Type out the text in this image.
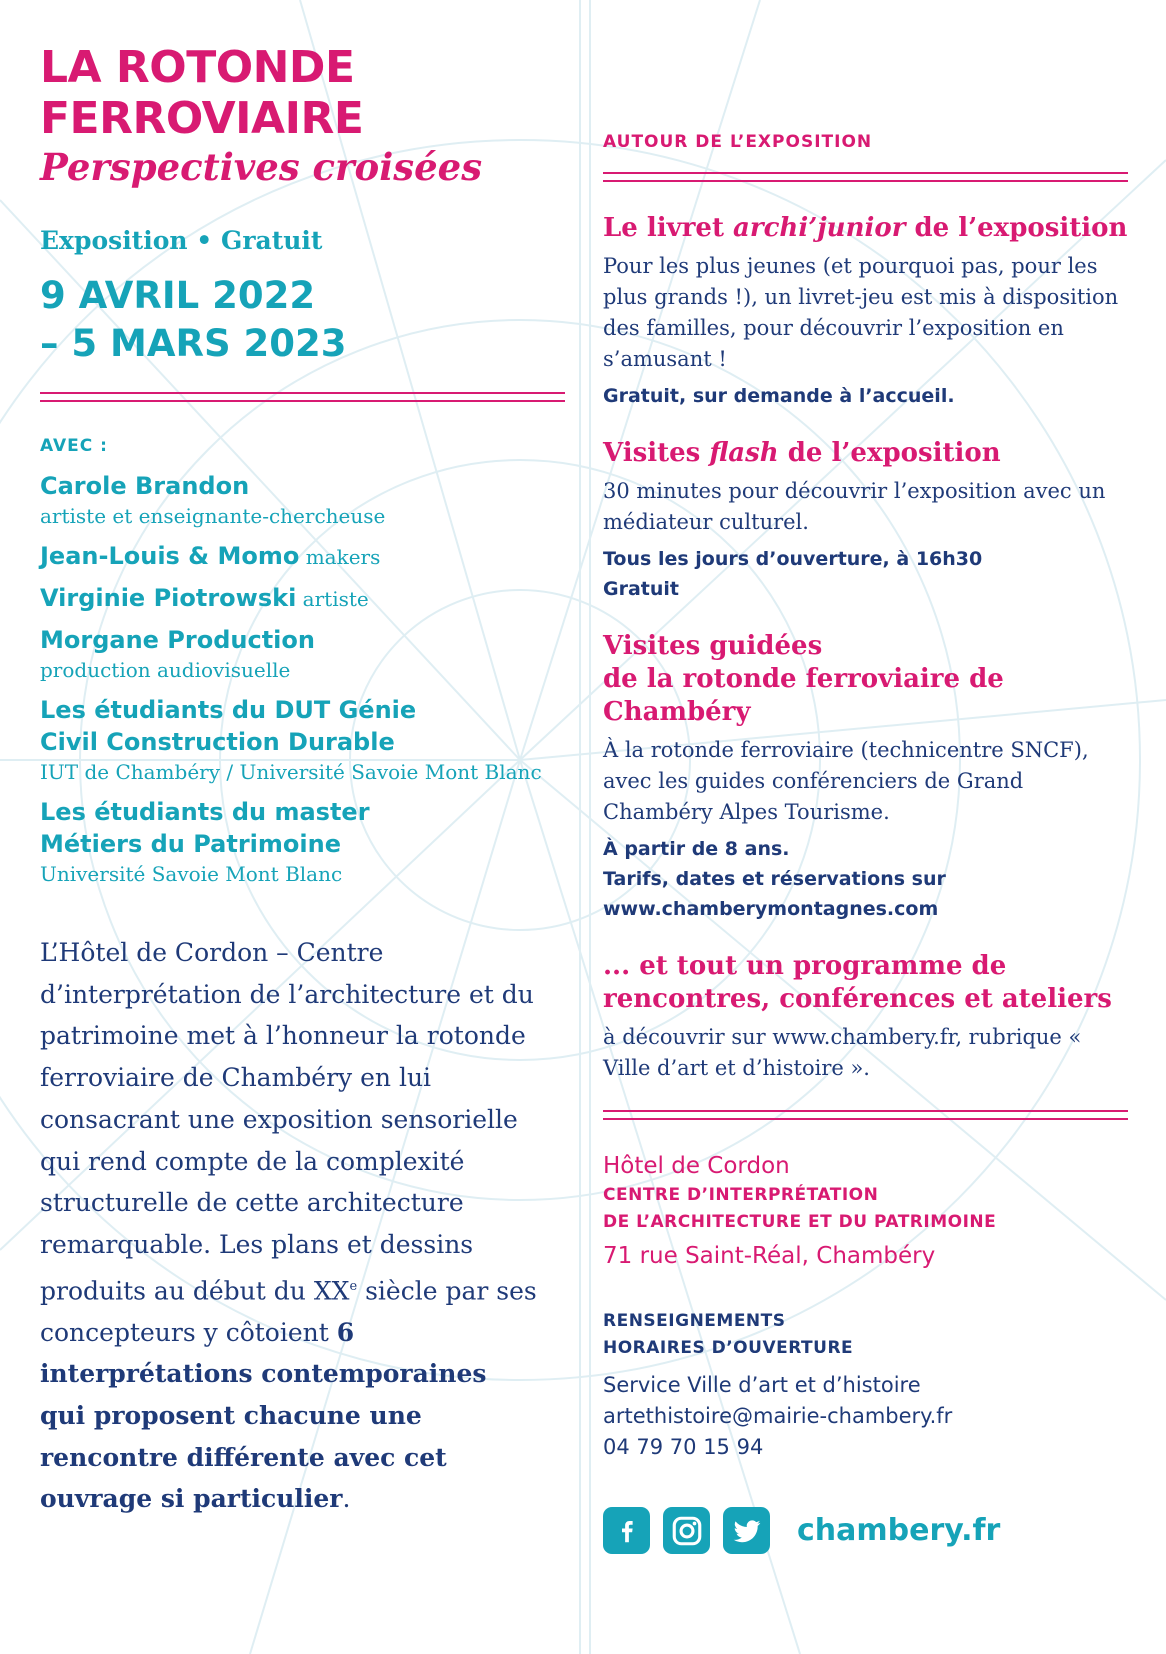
LA ROTONDE
FERROVIAIRE

Perspectives croisées

Exposition • Gratuit

9 AVRIL 2022
– 5 MARS 2023
AVEC :
Carole Brandon
artiste et enseignante-chercheuse
Jean-Louis & Momo makers
Virginie Piotrowski artiste
Morgane Production
production audiovisuelle
Les étudiants du DUT Génie Civil Construction Durable
IUT de Chambéry / Université Savoie Mont Blanc
Les étudiants du master Métiers du Patrimoine
Université Savoie Mont Blanc
L’Hôtel de Cordon – Centre d’interprétation de l’architecture et du patrimoine met à l’honneur la rotonde ferroviaire de Chambéry en lui consacrant une exposition sensorielle qui rend compte de la complexité structurelle de cette architecture remarquable. Les plans et dessins produits au début du XXe siècle par ses concepteurs y côtoient 6 interprétations contemporaines qui proposent chacune une rencontre différente avec cet ouvrage si particulier.
AUTOUR DE L’EXPOSITION

Le livret archi’junior de l’exposition

Pour les plus jeunes (et pourquoi pas, pour les plus grands !), un livret-jeu est mis à disposition des familles, pour découvrir l’exposition en s’amusant !

Gratuit, sur demande à l’accueil.

Visites flash de l’exposition

30 minutes pour découvrir l’exposition avec un médiateur culturel.

Tous les jours d’ouverture, à 16h30

Gratuit

Visites guidées

de la rotonde ferroviaire de Chambéry

À la rotonde ferroviaire (technicentre SNCF), avec les guides conférenciers de Grand Chambéry Alpes Tourisme.

À partir de 8 ans.

Tarifs, dates et réservations sur

www.chamberymontagnes.com

... et tout un programme de rencontres, conférences et ateliers

à découvrir sur www.chambery.fr, rubrique « Ville d’art et d’histoire ».

Hôtel de Cordon
CENTRE D’INTERPRÉTATION
DE L’ARCHITECTURE ET DU PATRIMOINE
71 rue Saint-Réal, Chambéry
RENSEIGNEMENTS
HORAIRES D’OUVERTURE
Service Ville d’art et d’histoire
artethistoire@mairie-chambery.fr
04 79 70 15 94
chambery.fr
